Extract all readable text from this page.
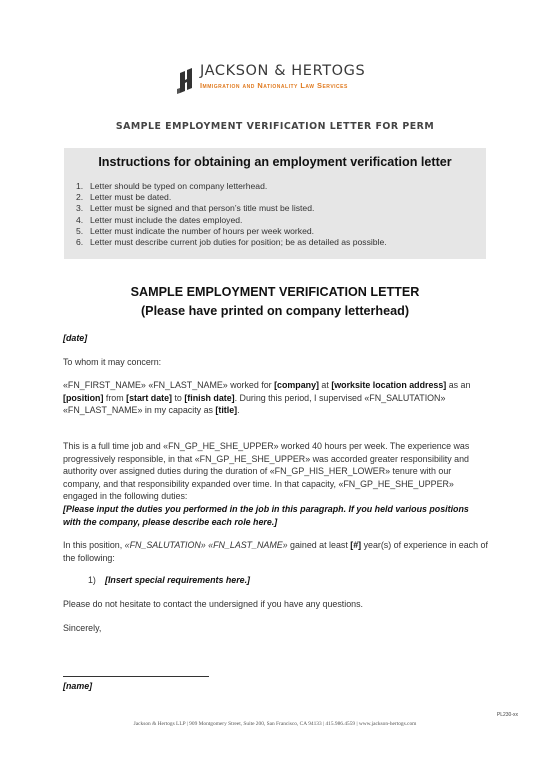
JACKSON & HERTOGS
Immigration and Nationality Law Services
SAMPLE EMPLOYMENT VERIFICATION LETTER FOR PERM
Instructions for obtaining an employment verification letter
1. Letter should be typed on company letterhead.
2. Letter must be dated.
3. Letter must be signed and that person’s title must be listed.
4. Letter must include the dates employed.
5. Letter must indicate the number of hours per week worked.
6. Letter must describe current job duties for position; be as detailed as possible.
SAMPLE EMPLOYMENT VERIFICATION LETTER
(Please have printed on company letterhead)
[date]
To whom it may concern:
«FN_FIRST_NAME» «FN_LAST_NAME» worked for [company] at [worksite location address] as an [position] from [start date] to [finish date]. During this period, I supervised «FN_SALUTATION» «FN_LAST_NAME» in my capacity as [title].
This is a full time job and «FN_GP_HE_SHE_UPPER» worked 40 hours per week. The experience was progressively responsible, in that «FN_GP_HE_SHE_UPPER» was accorded greater responsibility and authority over assigned duties during the duration of «FN_GP_HIS_HER_LOWER» tenure with our company, and that responsibility expanded over time. In that capacity, «FN_GP_HE_SHE_UPPER» engaged in the following duties:
[Please input the duties you performed in the job in this paragraph. If you held various positions with the company, please describe each role here.]
In this position, «FN_SALUTATION» «FN_LAST_NAME» gained at least [#] year(s) of experience in each of the following:
1) [Insert special requirements here.]
Please do not hesitate to contact the undersigned if you have any questions.
Sincerely,
[name]
PL230-xx
Jackson & Hertogs LLP | 909 Montgomery Street, Suite 200, San Francisco, CA 94133 | 415.986.4559 | www.jackson-hertogs.com
